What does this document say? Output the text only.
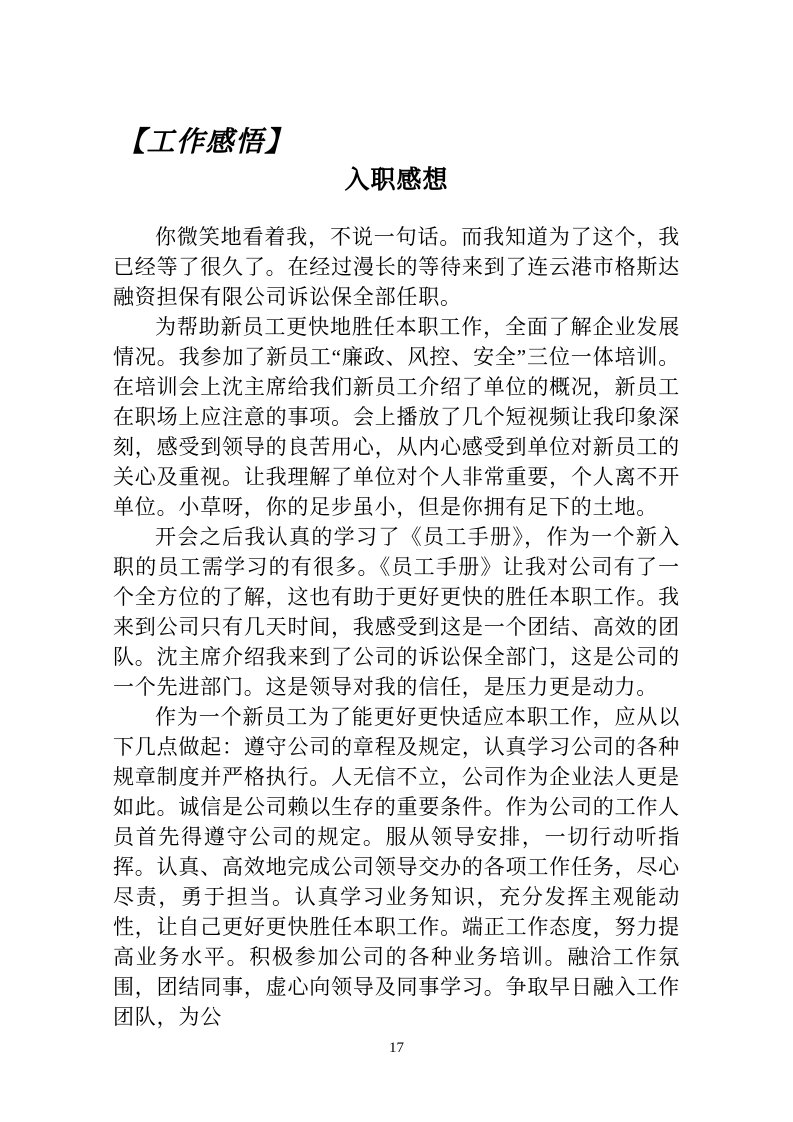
【工作感悟】
入职感想

你微笑地看着我，不说一句话。而我知道为了这个，我已经等了很久了。在经过漫长的等待来到了连云港市格斯达融资担保有限公司诉讼保全部任职。

为帮助新员工更快地胜任本职工作，全面了解企业发展情况。我参加了新员工“廉政、风控、安全”三位一体培训。在培训会上沈主席给我们新员工介绍了单位的概况，新员工在职场上应注意的事项。会上播放了几个短视频让我印象深刻，感受到领导的良苦用心，从内心感受到单位对新员工的关心及重视。让我理解了单位对个人非常重要，个人离不开单位。小草呀，你的足步虽小，但是你拥有足下的土地。

开会之后我认真的学习了《员工手册》，作为一个新入职的员工需学习的有很多。《员工手册》让我对公司有了一个全方位的了解，这也有助于更好更快的胜任本职工作。我来到公司只有几天时间，我感受到这是一个团结、高效的团队。沈主席介绍我来到了公司的诉讼保全部门，这是公司的一个先进部门。这是领导对我的信任，是压力更是动力。

作为一个新员工为了能更好更快适应本职工作，应从以下几点做起：遵守公司的章程及规定，认真学习公司的各种规章制度并严格执行。人无信不立，公司作为企业法人更是如此。诚信是公司赖以生存的重要条件。作为公司的工作人员首先得遵守公司的规定。服从领导安排，一切行动听指挥。认真、高效地完成公司领导交办的各项工作任务，尽心尽责，勇于担当。认真学习业务知识，充分发挥主观能动性，让自己更好更快胜任本职工作。端正工作态度，努力提高业务水平。积极参加公司的各种业务培训。融洽工作氛围，团结同事，虚心向领导及同事学习。争取早日融入工作团队，为公

17
